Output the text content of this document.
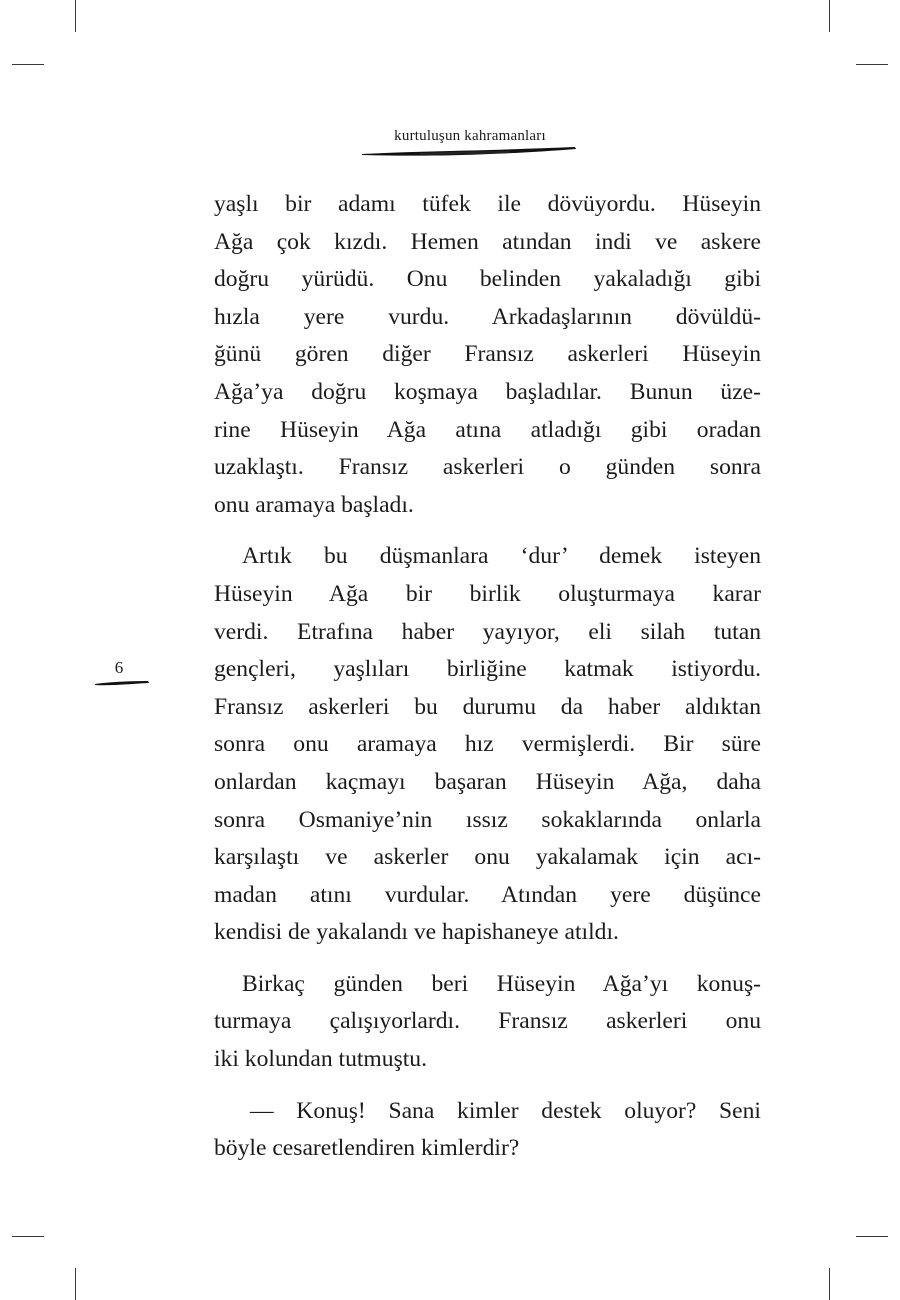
kurtuluşun kahramanları
6

yaşlı bir adamı tüfek ile dövüyordu. Hüseyin
Ağa çok kızdı. Hemen atından indi ve askere
doğru yürüdü. Onu belinden yakaladığı gibi
hızla yere vurdu. Arkadaşlarının dövüldü-
ğünü gören diğer Fransız askerleri Hüseyin
Ağa’ya doğru koşmaya başladılar. Bunun üze-
rine Hüseyin Ağa atına atladığı gibi oradan
uzaklaştı. Fransız askerleri o günden sonra
onu aramaya başladı.

Artık bu düşmanlara ‘dur’ demek isteyen
Hüseyin Ağa bir birlik oluşturmaya karar
verdi. Etrafına haber yayıyor, eli silah tutan
gençleri, yaşlıları birliğine katmak istiyordu.
Fransız askerleri bu durumu da haber aldıktan
sonra onu aramaya hız vermişlerdi. Bir süre
onlardan kaçmayı başaran Hüseyin Ağa, daha
sonra Osmaniye’nin ıssız sokaklarında onlarla
karşılaştı ve askerler onu yakalamak için acı-
madan atını vurdular. Atından yere düşünce
kendisi de yakalandı ve hapishaneye atıldı.

Birkaç günden beri Hüseyin Ağa’yı konuş-
turmaya çalışıyorlardı. Fransız askerleri onu
iki kolundan tutmuştu.

— Konuş! Sana kimler destek oluyor? Seni
böyle cesaretlendiren kimlerdir?
